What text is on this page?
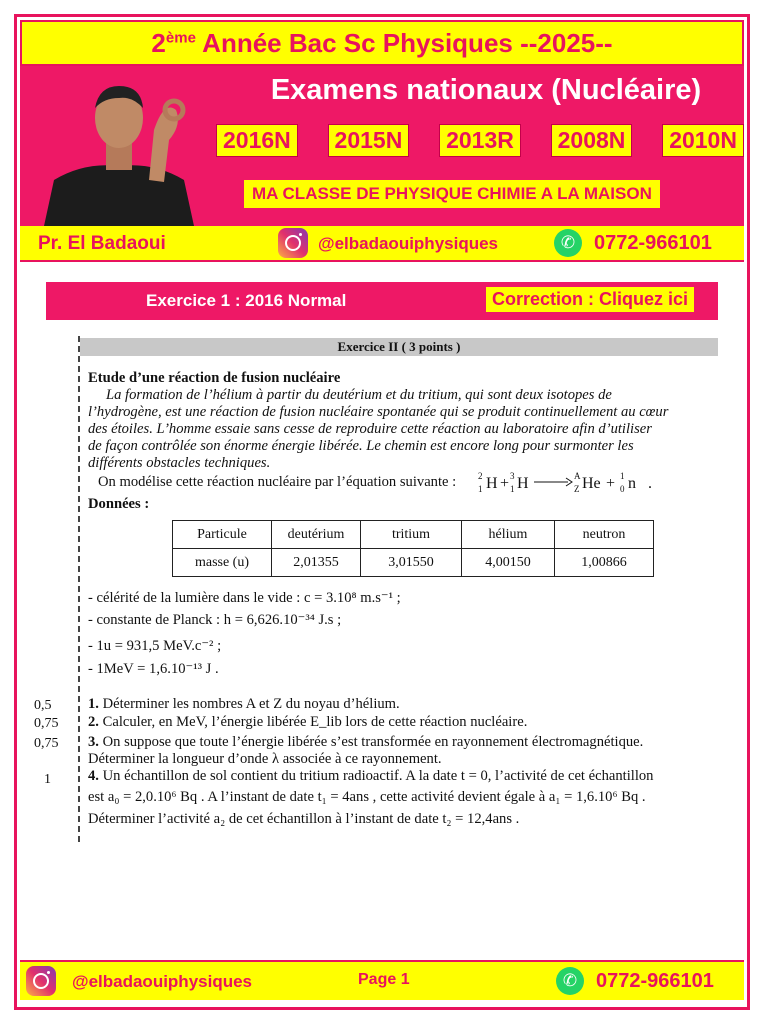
2ème Année Bac Sc Physiques --2025--
Examens nationaux (Nucléaire)
2016N	2015N	2013R	2008N	2010N
MA CLASSE DE PHYSIQUE CHIMIE A LA MAISON
Pr. El Badaoui	@elbadaouiphysiques	✆ 0772-966101
Exercice 1 : 2016 Normal	Correction : Cliquez ici
Exercice II ( 3 points )
Etude d’une réaction de fusion nucléaire
La formation de l’hélium à partir du deutérium et du tritium, qui sont deux isotopes de
l’hydrogène, est une réaction de fusion nucléaire spontanée qui se produit continuellement au cœur
des étoiles. L’homme essaie sans cesse de reproduire cette réaction au laboratoire afin d’utiliser
de façon contrôlée son énorme énergie libérée. Le chemin est encore long pour surmonter les
différents obstacles techniques.
On modélise cette réaction nucléaire par l’équation suivante : H
2
1 + H
3
1	He
A
Z + n
1
0 .
Données :
Particule	deutérium	tritium	hélium	neutron
masse (u)	2,01355	3,01550	4,00150	1,00866
- célérité de la lumière dans le vide : c = 3.10⁸ m.s⁻¹ ;
- constante de Planck : h = 6,626.10⁻³⁴ J.s ;
- 1u = 931,5 MeV.c⁻² ;
- 1MeV = 1,6.10⁻¹³ J .
0,5
0,75
0,75
1
1. Déterminer les nombres A et Z du noyau d’hélium.
2. Calculer, en MeV, l’énergie libérée E_lib lors de cette réaction nucléaire.
3. On suppose que toute l’énergie libérée s’est transformée en rayonnement électromagnétique.
Déterminer la longueur d’onde λ associée à ce rayonnement.
4. Un échantillon de sol contient du tritium radioactif. A la date t = 0, l’activité de cet échantillon
est a₀ = 2,0.10⁶ Bq . A l’instant de date t₁ = 4ans , cette activité devient égale à a₁ = 1,6.10⁶ Bq .
Déterminer l’activité a₂ de cet échantillon à l’instant de date t₂ = 12,4ans .
@elbadaouiphysiques	Page 1	✆ 0772-966101
